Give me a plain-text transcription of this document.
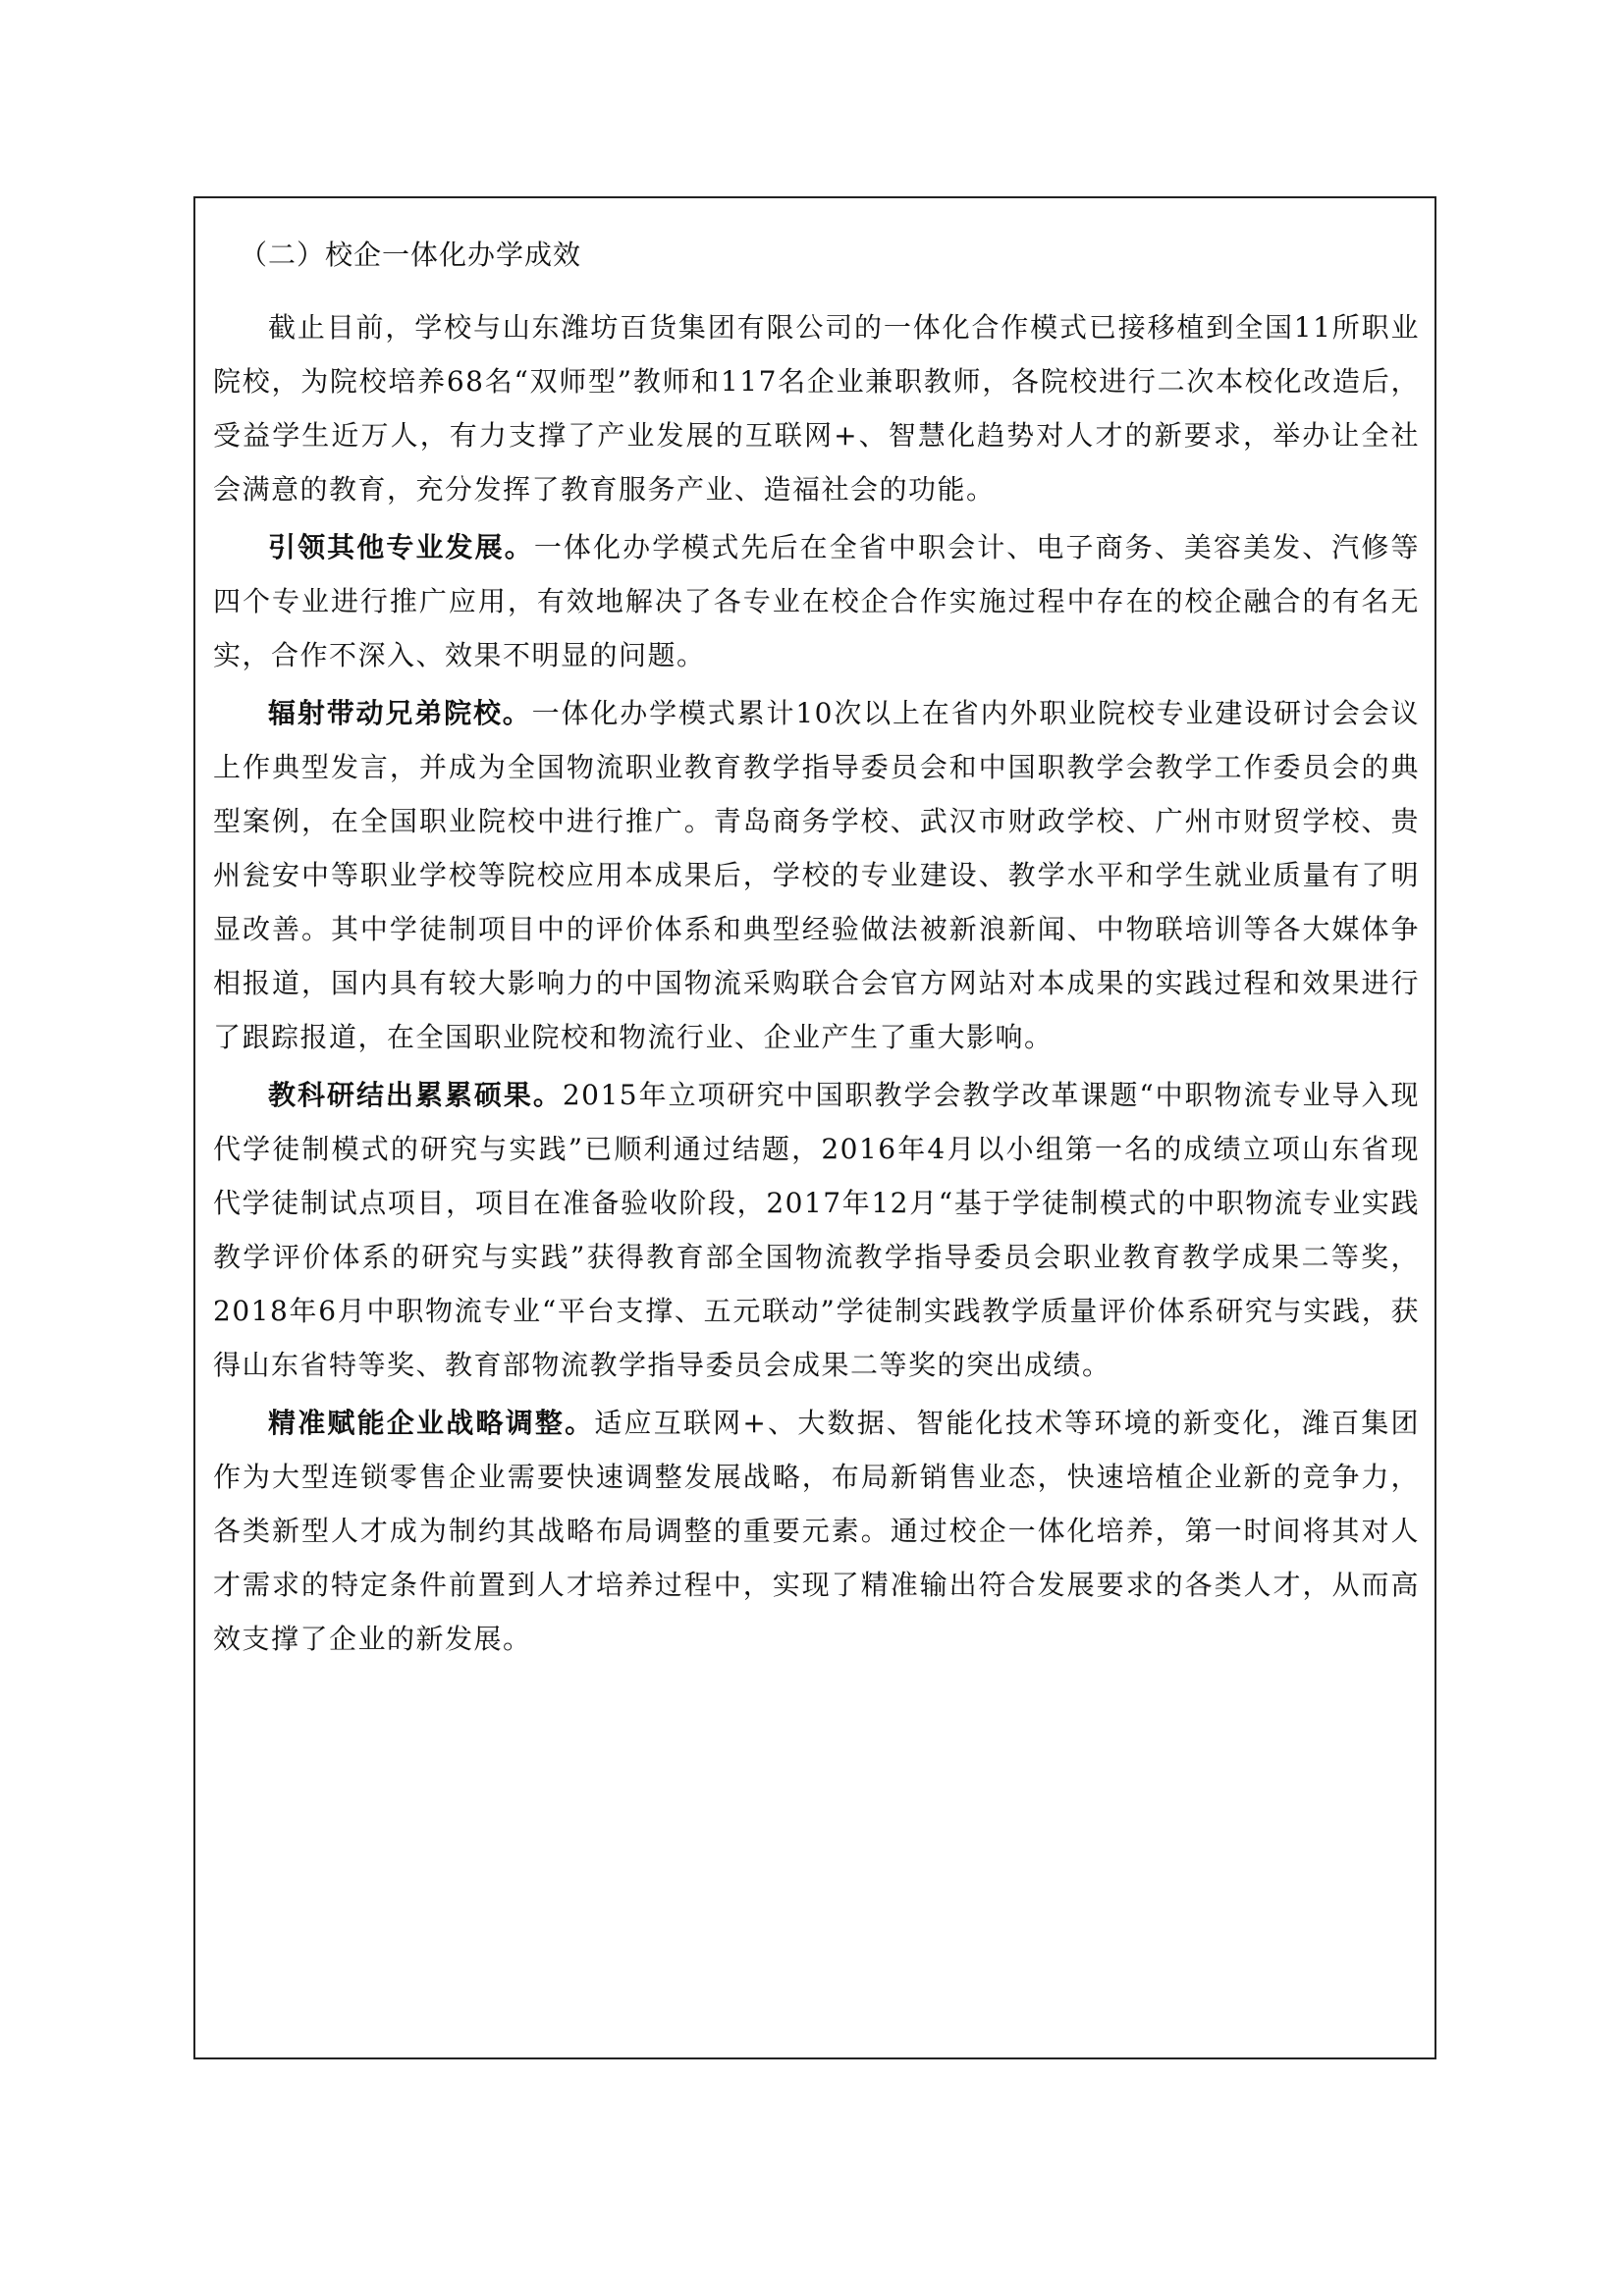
（二）校企一体化办学成效

截止目前，学校与山东潍坊百货集团有限公司的一体化合作模式已接移植到全国11所职业院校，为院校培养68名“双师型”教师和117名企业兼职教师，各院校进行二次本校化改造后，受益学生近万人，有力支撑了产业发展的互联网+、智慧化趋势对人才的新要求，举办让全社会满意的教育，充分发挥了教育服务产业、造福社会的功能。

引领其他专业发展。一体化办学模式先后在全省中职会计、电子商务、美容美发、汽修等四个专业进行推广应用，有效地解决了各专业在校企合作实施过程中存在的校企融合的有名无实，合作不深入、效果不明显的问题。

辐射带动兄弟院校。一体化办学模式累计10次以上在省内外职业院校专业建设研讨会会议上作典型发言，并成为全国物流职业教育教学指导委员会和中国职教学会教学工作委员会的典型案例，在全国职业院校中进行推广。青岛商务学校、武汉市财政学校、广州市财贸学校、贵州瓮安中等职业学校等院校应用本成果后，学校的专业建设、教学水平和学生就业质量有了明显改善。其中学徒制项目中的评价体系和典型经验做法被新浪新闻、中物联培训等各大媒体争相报道，国内具有较大影响力的中国物流采购联合会官方网站对本成果的实践过程和效果进行了跟踪报道，在全国职业院校和物流行业、企业产生了重大影响。

教科研结出累累硕果。2015年立项研究中国职教学会教学改革课题“中职物流专业导入现代学徒制模式的研究与实践”已顺利通过结题，2016年4月以小组第一名的成绩立项山东省现代学徒制试点项目，项目在准备验收阶段，2017年12月“基于学徒制模式的中职物流专业实践教学评价体系的研究与实践”获得教育部全国物流教学指导委员会职业教育教学成果二等奖，2018年6月中职物流专业“平台支撑、五元联动”学徒制实践教学质量评价体系研究与实践，获得山东省特等奖、教育部物流教学指导委员会成果二等奖的突出成绩。

精准赋能企业战略调整。适应互联网+、大数据、智能化技术等环境的新变化，潍百集团作为大型连锁零售企业需要快速调整发展战略，布局新销售业态，快速培植企业新的竞争力，各类新型人才成为制约其战略布局调整的重要元素。通过校企一体化培养，第一时间将其对人才需求的特定条件前置到人才培养过程中，实现了精准输出符合发展要求的各类人才，从而高效支撑了企业的新发展。
